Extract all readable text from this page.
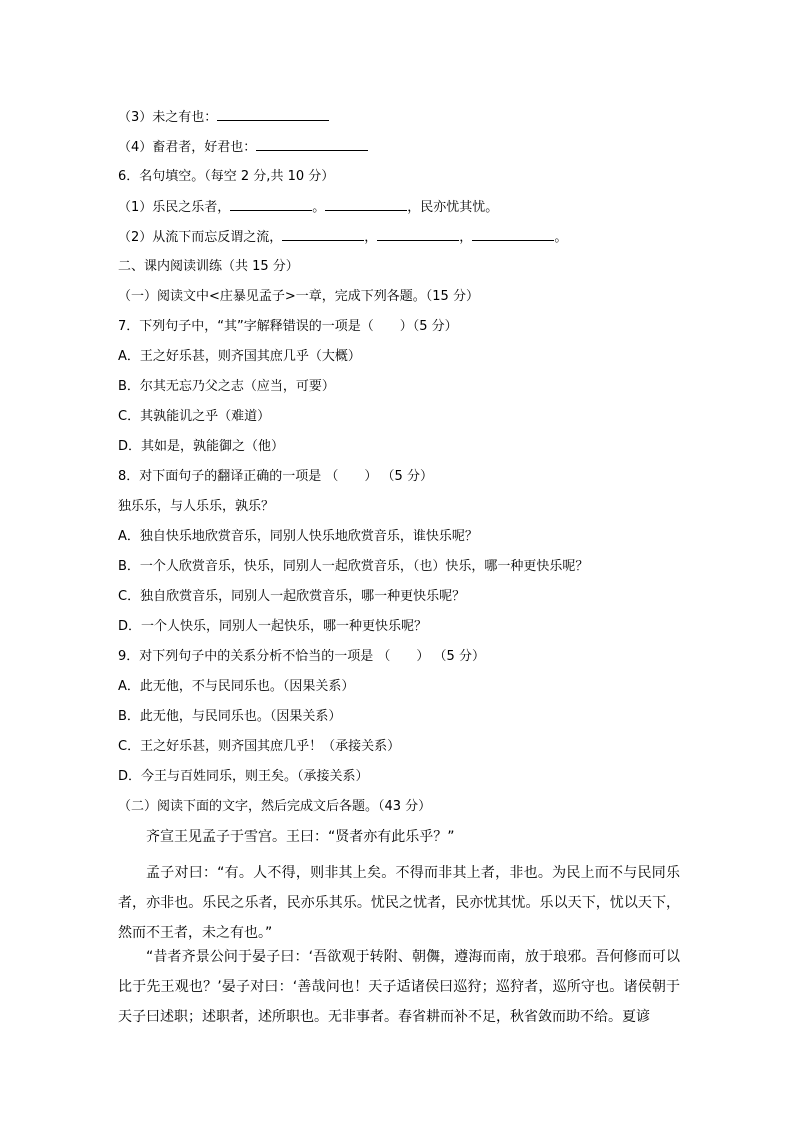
（3）未之有也：
（4）畜君者，好君也：
6．名句填空。（每空 2 分,共 10 分）
（1）乐民之乐者，	。	，民亦忧其忧。
（2）从流下而忘反谓之流，	，	，	。
二、课内阅读训练（共 15 分）
（一）阅读文中<庄暴见孟子>一章，完成下列各题。（15 分）
7．下列句子中，“其”字解释错误的一项是（　　）（5 分）
A．王之好乐甚，则齐国其庶几乎（大概）
B．尔其无忘乃父之志（应当，可要）
C．其孰能讥之乎（难道）
D．其如是，孰能御之（他）
8．对下面句子的翻译正确的一项是 （　　） （5 分）
独乐乐，与人乐乐，孰乐？
A．独自快乐地欣赏音乐，同别人快乐地欣赏音乐，谁快乐呢？
B．一个人欣赏音乐，快乐，同别人一起欣赏音乐，（也）快乐，哪一种更快乐呢？
C．独自欣赏音乐，同别人一起欣赏音乐，哪一种更快乐呢？
D．一个人快乐，同别人一起快乐，哪一种更快乐呢？
9．对下列句子中的关系分析不恰当的一项是 （　　） （5 分）
A．此无他，不与民同乐也。（因果关系）
B．此无他，与民同乐也。（因果关系）
C．王之好乐甚，则齐国其庶几乎！（承接关系）
D．今王与百姓同乐，则王矣。（承接关系）
（二）阅读下面的文字，然后完成文后各题。（43 分）
齐宣王见孟子于雪宫。王曰：“贤者亦有此乐乎？”
孟子对曰：“有。人不得，则非其上矣。不得而非其上者，非也。为民上而不与民同乐者，亦非也。乐民之乐者，民亦乐其乐。忧民之忧者，民亦忧其忧。乐以天下，忧以天下，然而不王者，未之有也。”
“昔者齐景公问于晏子曰：‘吾欲观于转附、朝儛，遵海而南，放于琅邪。吾何修而可以比于先王观也？’晏子对曰：‘善哉问也！天子适诸侯曰巡狩；巡狩者，巡所守也。诸侯朝于天子曰述职；述职者，述所职也。无非事者。春省耕而补不足，秋省敛而助不给。夏谚
